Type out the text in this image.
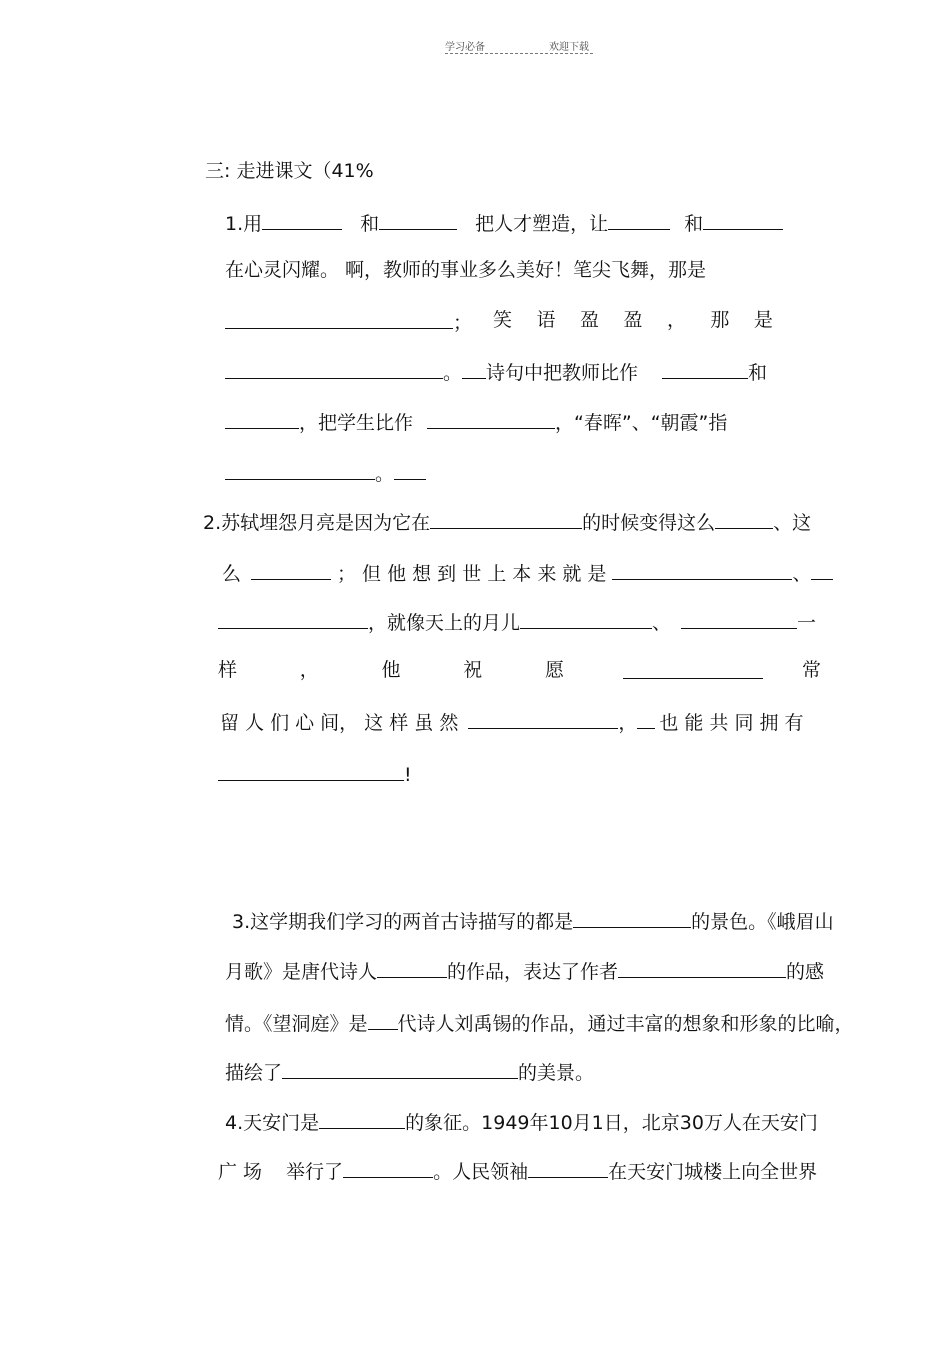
学习必备	欢迎下载
三: 走进课文（41%
1.用	和	把人才塑造，让	和
在心灵闪耀。 啊，教师的事业多么美好！笔尖飞舞，那是
； 笑 语 盈 盈 ， 那 是
。 诗句中把教师比作	和
，把学生比作	，“春晖”、“朝霞”指
。
2.苏轼埋怨月亮是因为它在	的时候变得这么	、这
么	； 但 他 想 到 世 上 本 来 就 是	、
，就像天上的月儿	、	一
样	，	他	祝	愿	常
留 人 们 心 间， 这 样 虽 然	， 也 能 共 同 拥 有
!
3.这学期我们学习的两首古诗描写的都是	的景色。《峨眉山
月歌》是唐代诗人	的作品，表达了作者	的感
情。《望洞庭》是 代诗人刘禹锡的作品，通过丰富的想象和形象的比喻，
描绘了	的美景。
4.天安门是	的象征。1949年10月1日，北京30万人在天安门
广 场 举行了	。人民领袖	在天安门城楼上向全世界
